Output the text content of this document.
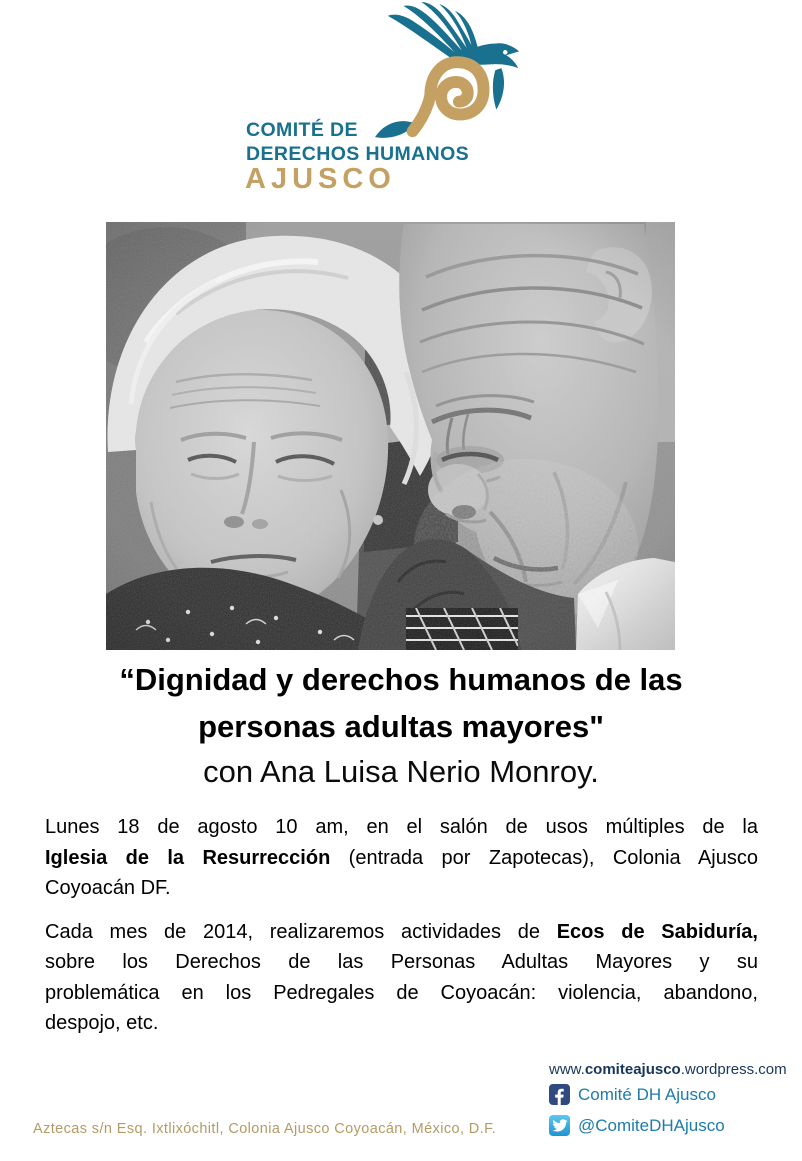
COMITÉ DE
DERECHOS HUMANOS
AJUSCO
“Dignidad y derechos humanos de las
personas adultas mayores"
con Ana Luisa Nerio Monroy.
Lunes 18 de agosto 10 am, en el salón de usos múltiples de la
Iglesia de la Resurrección (entrada por Zapotecas), Colonia Ajusco
Coyoacán DF.
Cada mes de 2014, realizaremos actividades de Ecos de Sabiduría,
sobre los Derechos de las Personas Adultas Mayores y su
problemática en los Pedregales de Coyoacán: violencia, abandono,
despojo, etc.
www.comiteajusco.wordpress.com
Comité DH Ajusco
@ComiteDHAjusco
Aztecas s/n Esq. Ixtlixóchitl, Colonia Ajusco Coyoacán, México, D.F.
